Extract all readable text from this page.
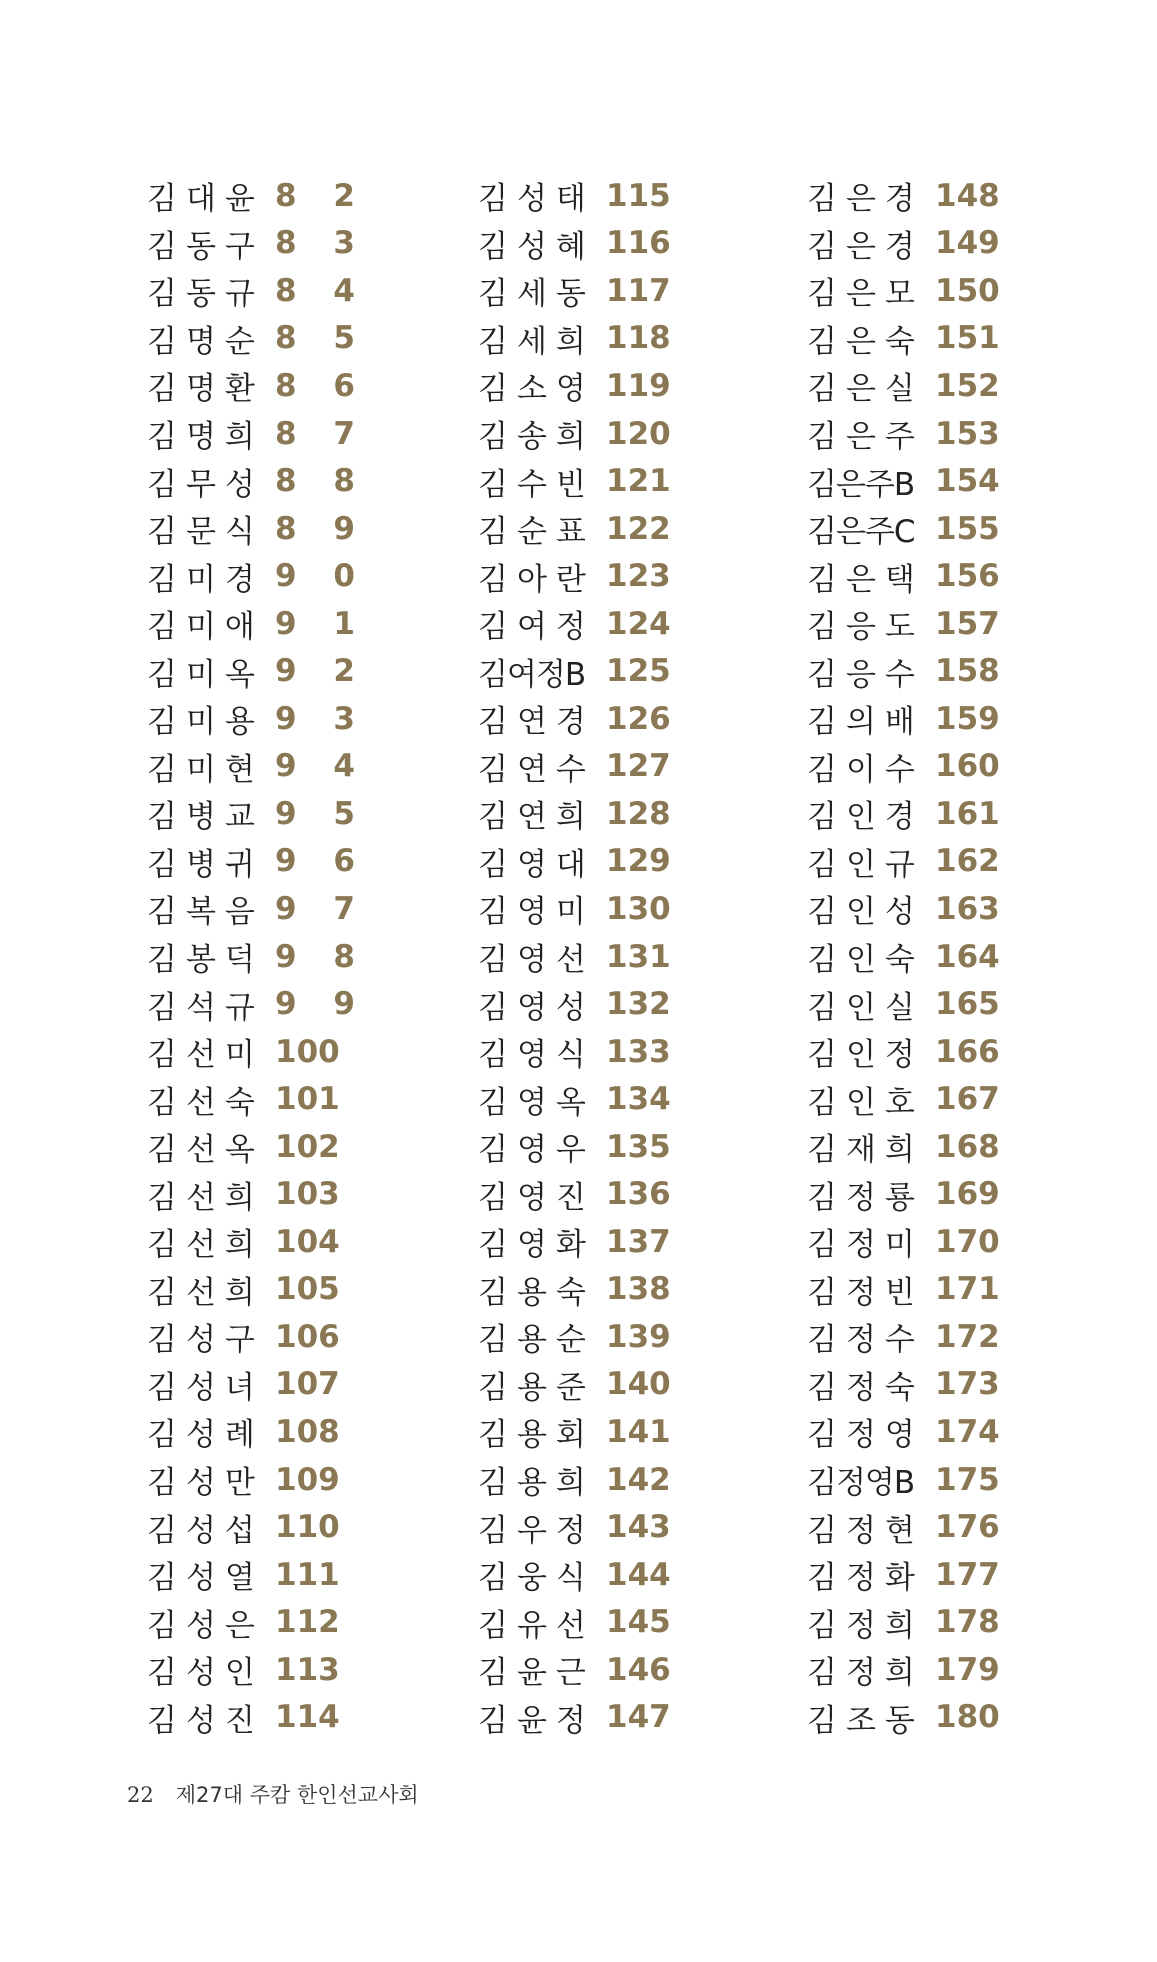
김대윤 8 2
김동구 8 3
김동규 8 4
김명순 8 5
김명환 8 6
김명희 8 7
김무성 8 8
김문식 8 9
김미경 9 0
김미애 9 1
김미옥 9 2
김미용 9 3
김미현 9 4
김병교 9 5
김병귀 9 6
김복음 9 7
김봉덕 9 8
김석규 9 9
김선미 100
김선숙 101
김선옥 102
김선희 103
김선희 104
김선희 105
김성구 106
김성녀 107
김성례 108
김성만 109
김성섭 110
김성열 111
김성은 112
김성인 113
김성진 114
김성태 115
김성혜 116
김세동 117
김세희 118
김소영 119
김송희 120
김수빈 121
김순표 122
김아란 123
김여정 124
김여정B 125
김연경 126
김연수 127
김연희 128
김영대 129
김영미 130
김영선 131
김영성 132
김영식 133
김영옥 134
김영우 135
김영진 136
김영화 137
김용숙 138
김용순 139
김용준 140
김용회 141
김용희 142
김우정 143
김웅식 144
김유선 145
김윤근 146
김윤정 147
김은경 148
김은경 149
김은모 150
김은숙 151
김은실 152
김은주 153
김은주B 154
김은주C 155
김은택 156
김응도 157
김응수 158
김의배 159
김이수 160
김인경 161
김인규 162
김인성 163
김인숙 164
김인실 165
김인정 166
김인호 167
김재희 168
김정룡 169
김정미 170
김정빈 171
김정수 172
김정숙 173
김정영 174
김정영B 175
김정현 176
김정화 177
김정희 178
김정희 179
김조동 180
22 제27대 주캄 한인선교사회
